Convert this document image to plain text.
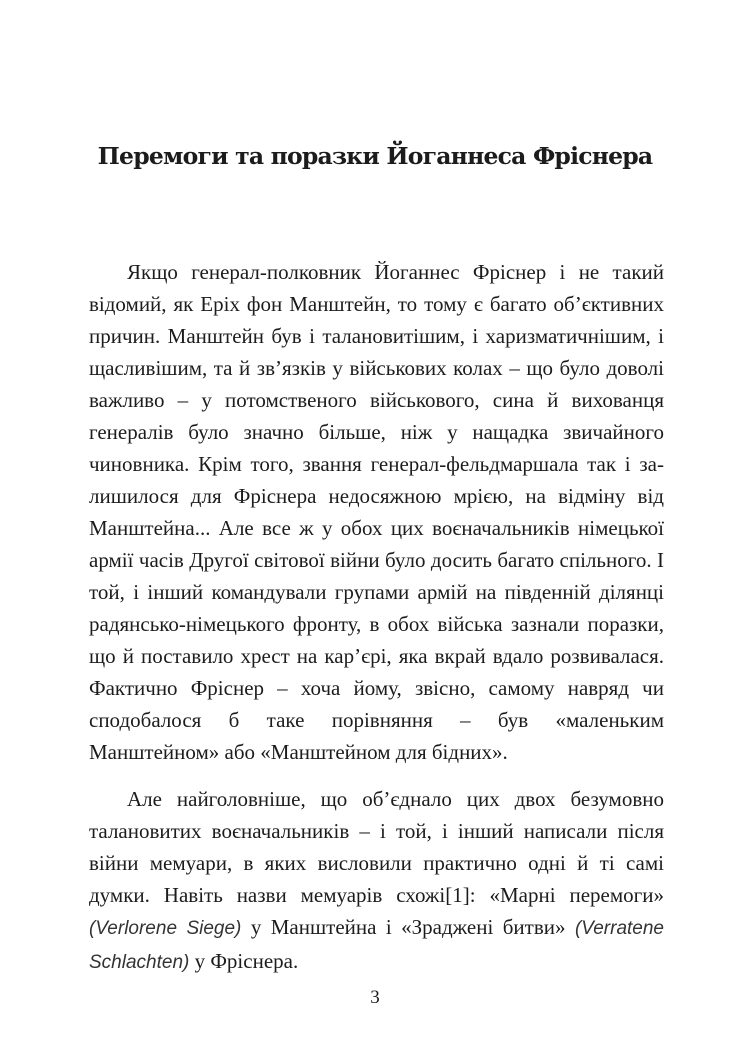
Перемоги та поразки Йоганнеса Фріснера

Якщо генерал-полковник Йоганнес Фріснер і не такий відомий, як Еріх фон Манштейн, то тому є багато об’єктивних причин. Манштейн був і талановитішим, і харизматичнішим, і щасливішим, та й зв’язків у військових колах – що було доволі важливо – у потомственого військового, сина й вихованця генералів було значно більше, ніж у нащадка звичайного чиновника. Крім того, звання генерал-фельдмаршала так і залишилося для Фріснера недосяжною мрією, на відміну від Манштейна... Але все ж у обох цих воєначальників німецької армії часів Другої світової війни було досить багато спільного. І той, і інший командували групами армій на південній ділянці радянсько-німецького фронту, в обох війська зазнали поразки, що й поставило хрест на кар’єрі, яка вкрай вдало розвивалася. Фактично Фріснер – хоча йому, звісно, самому навряд чи сподобалося б таке порівняння – був «маленьким Манштейном» або «Манштейном для бідних».

Але найголовніше, що об’єднало цих двох безумовно талановитих воєначальників – і той, і інший написали після війни мемуари, в яких висловили практично одні й ті самі думки. Навіть назви мемуарів схожі[1]: «Марні перемоги» (Verlorene Siege) у Манштейна і «Зраджені битви» (Verratene Schlachten) у Фріснера.

3
